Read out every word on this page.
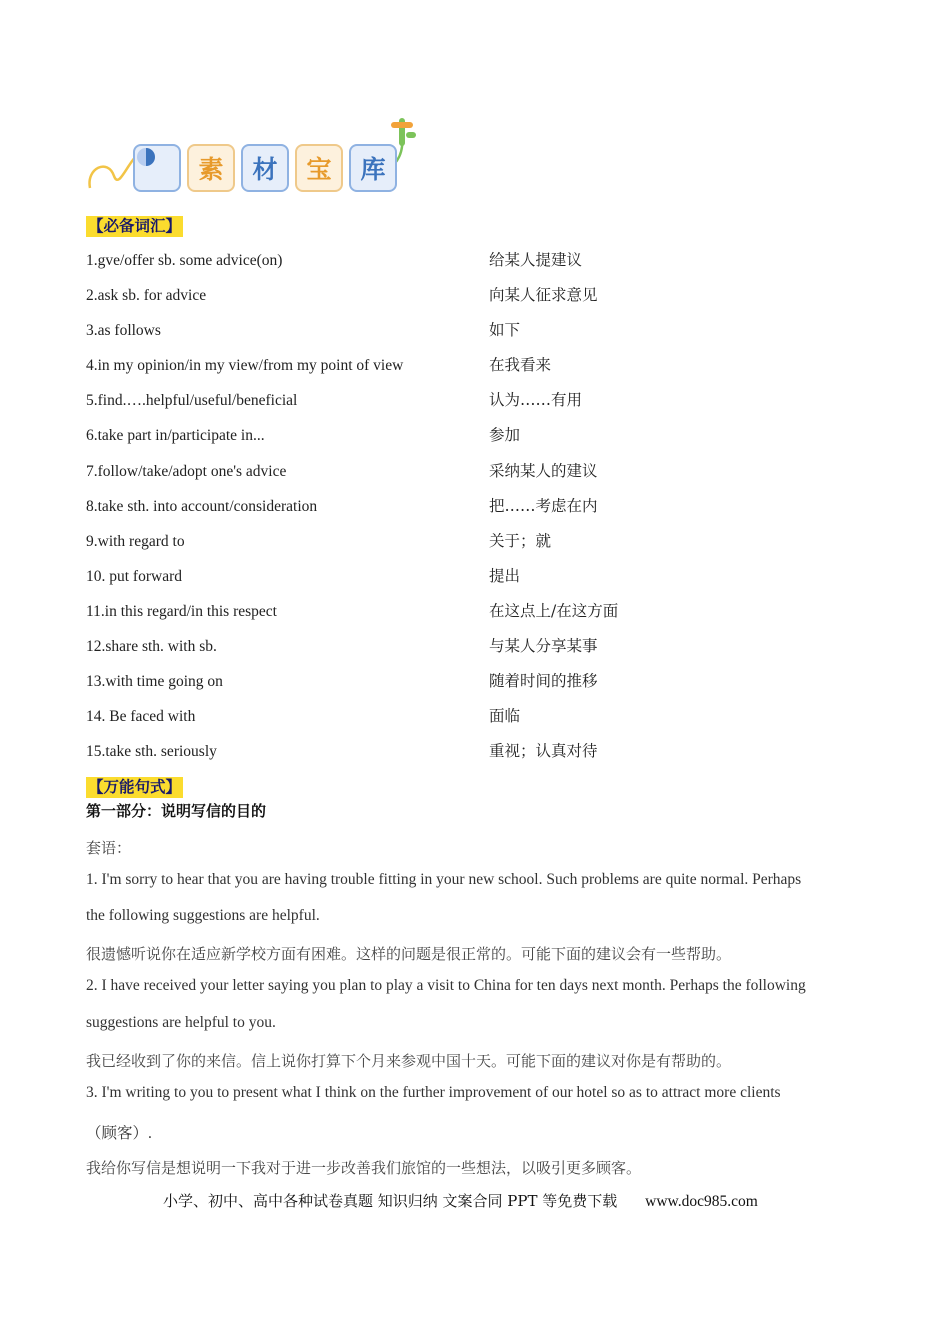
素	材	宝	库
【必备词汇】
1.gve/offer sb. some advice(on)	给某人提建议
2.ask sb. for advice	向某人征求意见
3.as follows	如下
4.in my opinion/in my view/from my point of view	在我看来
5.find.….helpful/useful/beneficial	认为……有用
6.take part in/participate in...	参加
7.follow/take/adopt one's advice	采纳某人的建议
8.take sth. into account/consideration	把……考虑在内
9.with regard to	关于；就
10. put forward	提出
11.in this regard/in this respect	在这点上/在这方面
12.share sth. with sb.	与某人分享某事
13.with time going on	随着时间的推移
14. Be faced with	面临
15.take sth. seriously	重视；认真对待
【万能句式】
第一部分：说明写信的目的
套语：
1. I'm sorry to hear that you are having trouble fitting in your new school. Such problems are quite normal. Perhaps
the following suggestions are helpful.
很遗憾听说你在适应新学校方面有困难。这样的问题是很正常的。可能下面的建议会有一些帮助。
2. I have received your letter saying you plan to play a visit to China for ten days next month. Perhaps the following
suggestions are helpful to you.
我已经收到了你的来信。信上说你打算下个月来参观中国十天。可能下面的建议对你是有帮助的。
3. I'm writing to you to present what I think on the further improvement of our hotel so as to attract more clients
（顾客）.
我给你写信是想说明一下我对于进一步改善我们旅馆的一些想法，以吸引更多顾客。
小学、初中、高中各种试卷真题 知识归纳 文案合同 PPT 等免费下载 www.doc985.com
